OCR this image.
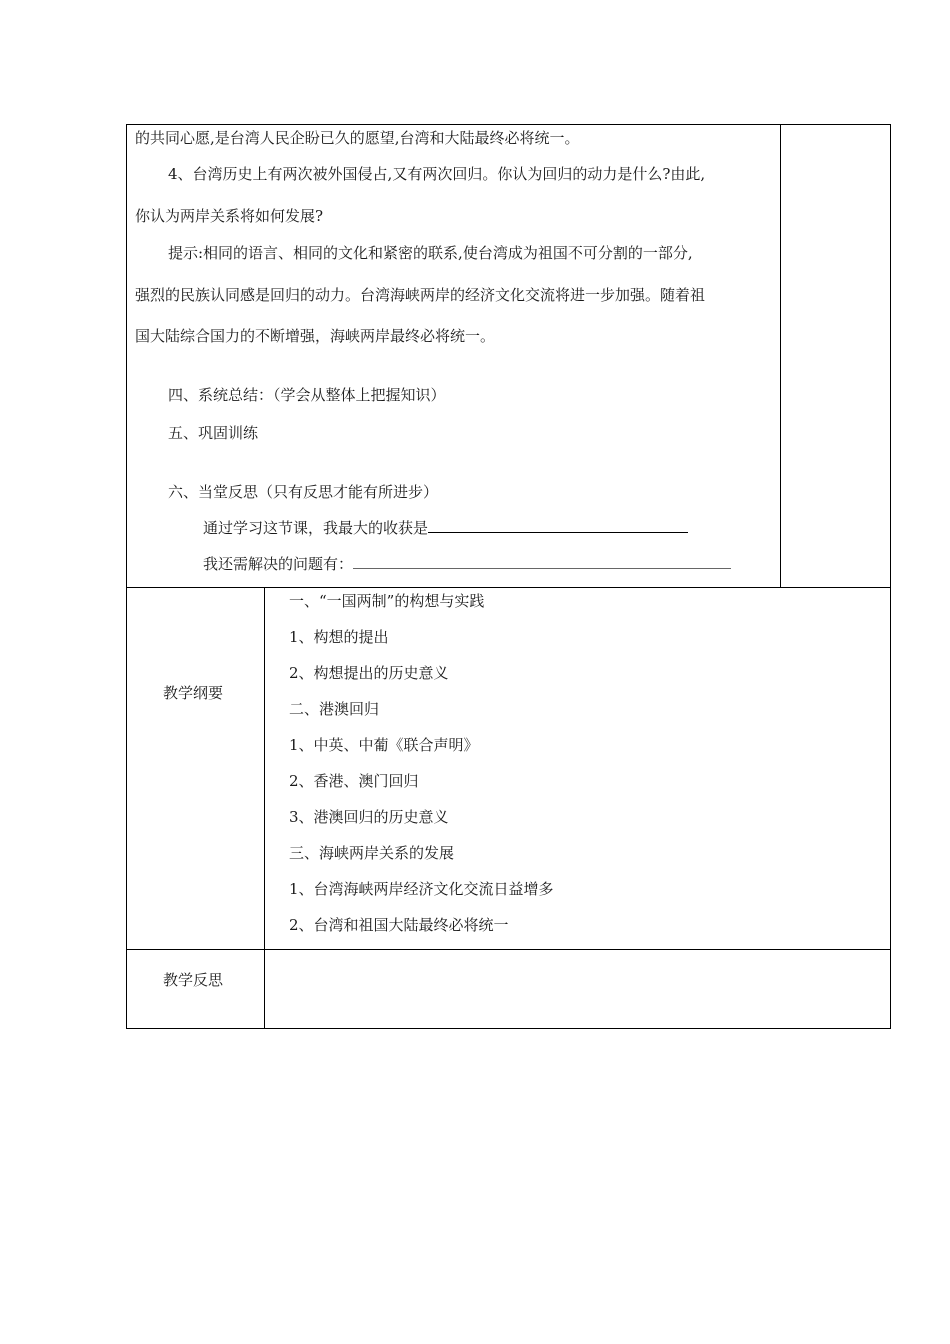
的共同心愿,是台湾人民企盼已久的愿望,台湾和大陆最终必将统一。
4、台湾历史上有两次被外国侵占,又有两次回归。你认为回归的动力是什么?由此,
你认为两岸关系将如何发展?
提示:相同的语言、相同的文化和紧密的联系,使台湾成为祖国不可分割的一部分,
强烈的民族认同感是回归的动力。台湾海峡两岸的经济文化交流将进一步加强。随着祖
国大陆综合国力的不断增强，海峡两岸最终必将统一。
四、系统总结：（学会从整体上把握知识）
五、巩固训练
六、当堂反思（只有反思才能有所进步）
通过学习这节课，我最大的收获是
我还需解决的问题有：
教学纲要
一、“一国两制”的构想与实践
1、构想的提出
2、构想提出的历史意义
二、港澳回归
1、中英、中葡《联合声明》
2、香港、澳门回归
3、港澳回归的历史意义
三、海峡两岸关系的发展
1、台湾海峡两岸经济文化交流日益增多
2、台湾和祖国大陆最终必将统一
教学反思
